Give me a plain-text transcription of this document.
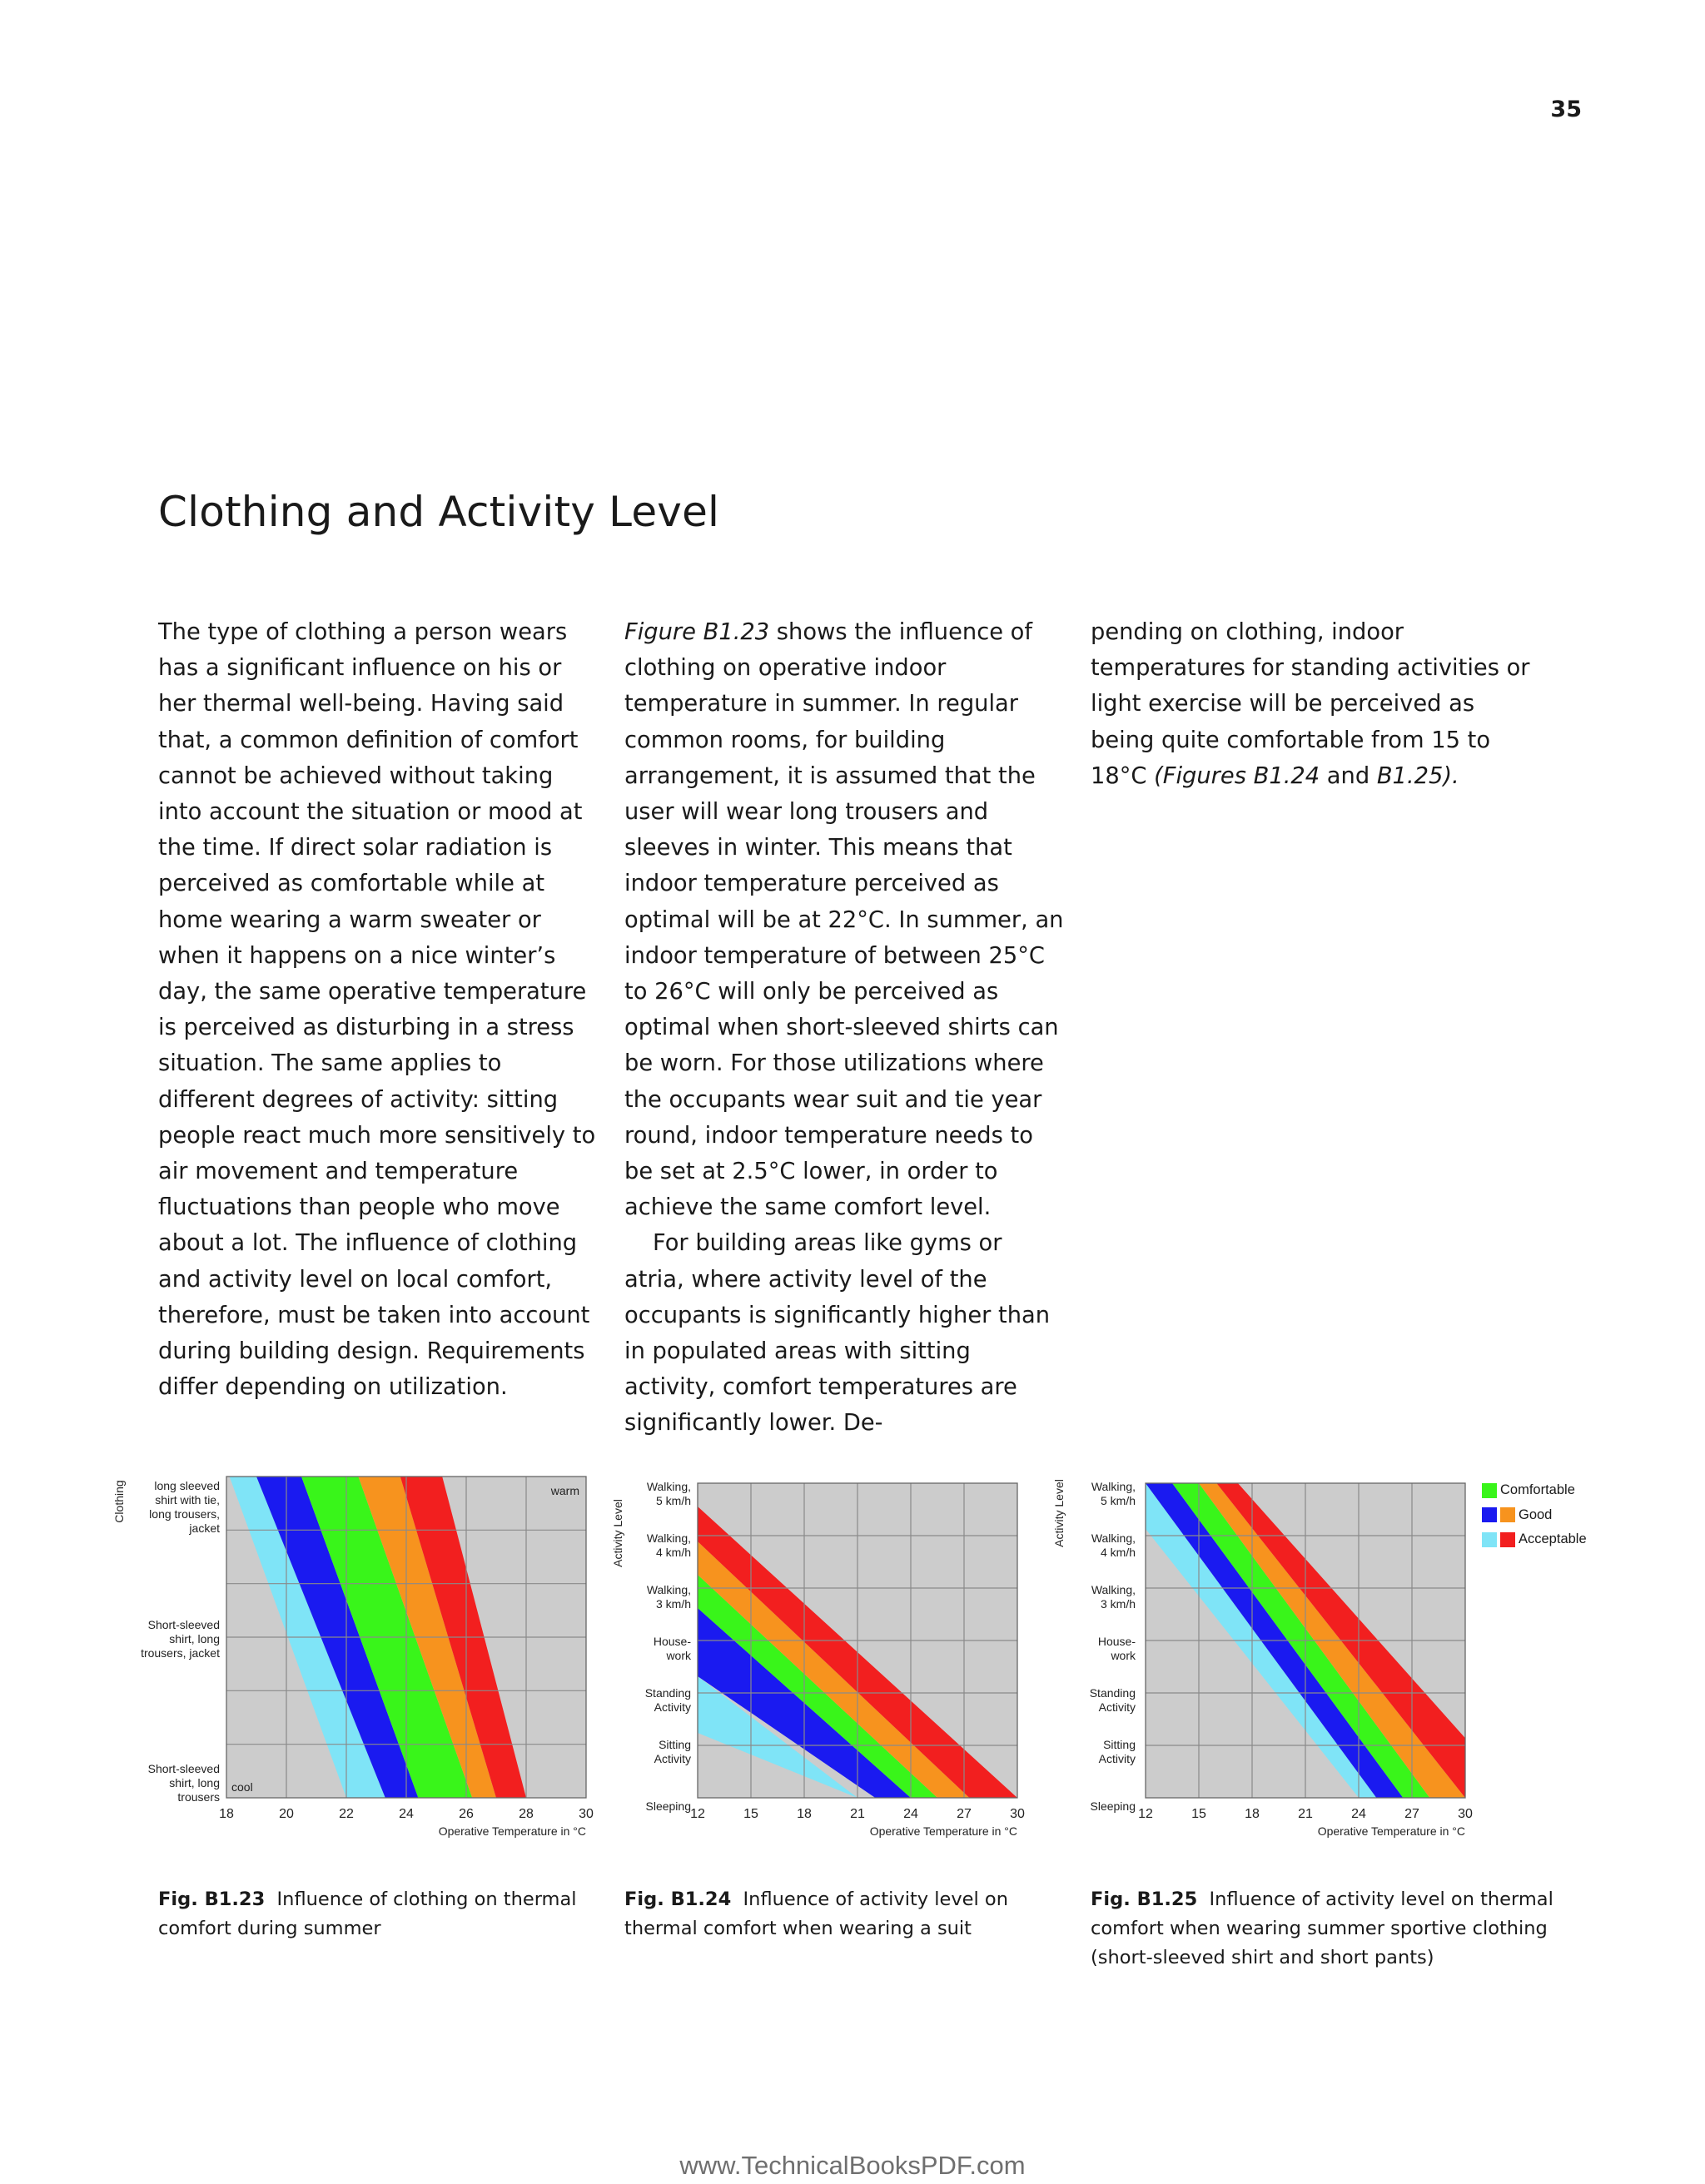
35
Clothing and Activity Level

The type of clothing a person wears has a significant influence on his or her thermal well-being. Having said that, a common definition of comfort cannot be achieved without taking into account the situation or mood at the time. If direct solar radiation is perceived as comfortable while at home wearing a warm sweater or when it happens on a nice winter’s day, the same operative temperature is perceived as disturbing in a stress situation. The same applies to different degrees of activity: sitting people react much more sensitively to air movement and temperature fluctuations than people who move about a lot. The influence of clothing and activity level on local comfort, therefore, must be taken into account during building design. Requirements differ depending on utilization.

Figure B1.23 shows the influence of clothing on operative indoor temperature in summer. In regular common rooms, for building arrangement, it is assumed that the user will wear long trousers and sleeves in winter. This means that indoor temperature perceived as optimal will be at 22°C. In summer, an indoor temperature of between 25°C to 26°C will only be perceived as optimal when short-sleeved shirts can be worn. For those utilizations where the occupants wear suit and tie year round, indoor temperature needs to be set at 2.5°C lower, in order to achieve the same comfort level.

For building areas like gyms or atria, where activity level of the occupants is significantly higher than in populated areas with sitting activity, comfort temperatures are significantly lower. De-

pending on clothing, indoor temperatures for standing activities or light exercise will be perceived as being quite comfortable from 15 to 18°C (Figures B1.24 and B1.25).

18	20	22	24	26	28	30
Operative Temperature in °C
Clothing long sleeved
shirt with tie,
long trousers,
jacket
Short-sleeved
shirt, long
trousers, jacket
Short-sleeved
shirt, long
trousers
warm
cool
12	15	18	21	24	27	30
Operative Temperature in °C
Activity Level
Walking,
5 km/h
Walking,
4 km/h
Walking,
3 km/h
House-
work
Standing
Activity
Sitting
Activity
Sleeping
12	15	18	21	24	27	30
Operative Temperature in °C
Activity Level Walking,
5 km/h
Walking,
4 km/h
Walking,
3 km/h
House-
work
Standing
Activity
Sitting
Activity
Sleeping
Comfortable
Good
Acceptable
Fig. B1.23 Influence of clothing on thermal comfort during summer
Fig. B1.24 Influence of activity level on thermal comfort when wearing a suit
Fig. B1.25 Influence of activity level on thermal comfort when wearing summer sportive clothing (short-sleeved shirt and short pants)
www.TechnicalBooksPDF.com
